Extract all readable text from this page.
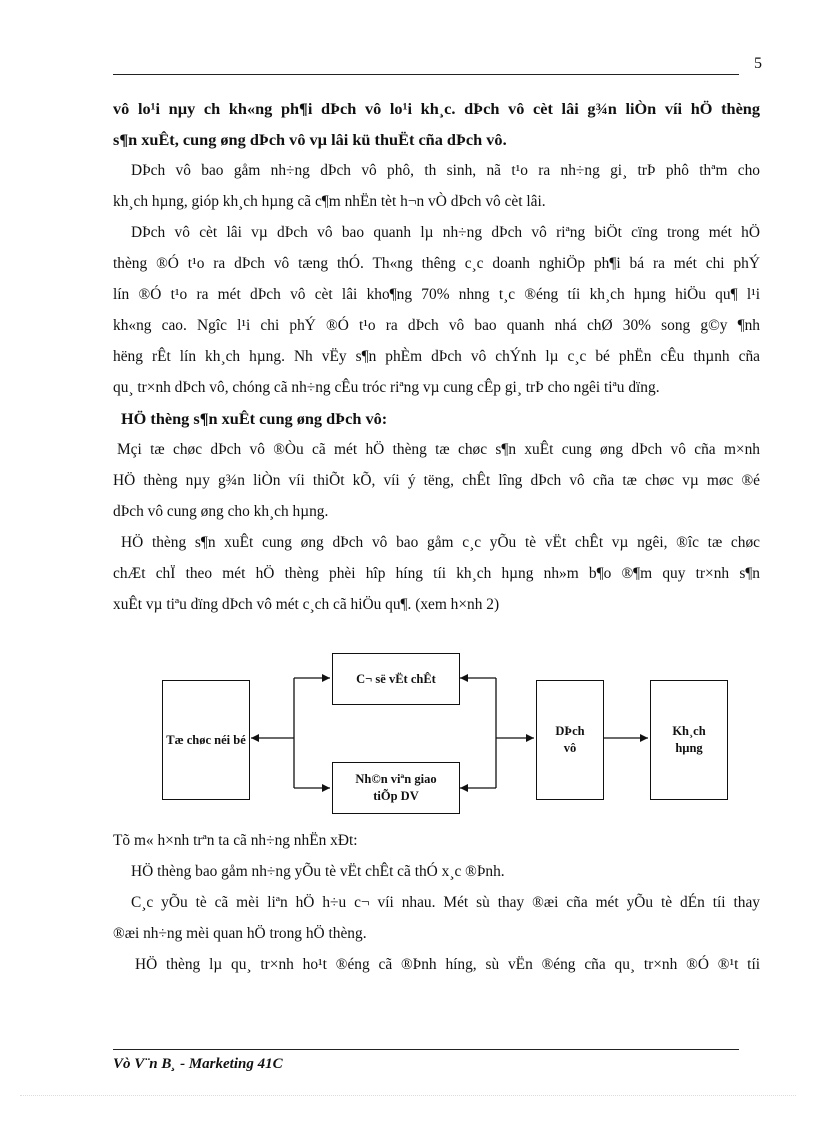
5
vô lo¹i nµy ch kh«ng ph¶i dÞch vô lo¹i kh¸c. dÞch vô cèt lâi g¾n liÒn víi hÖ thèng
s¶n xuÊt, cung øng dÞch vô vµ lâi kü thuËt cña dÞch vô.
DÞch vô bao gåm nh÷ng dÞch vô phô, th sinh, nã t¹o ra nh÷ng gi¸ trÞ phô thªm cho
kh¸ch hµng, gióp kh¸ch hµng cã c¶m nhËn tèt h¬n vÒ dÞch vô cèt lâi.
DÞch vô cèt lâi vµ dÞch vô bao quanh lµ nh÷ng dÞch vô riªng biÖt cïng trong mét hÖ
thèng ®Ó t¹o ra dÞch vô tæng thÓ. Th«ng thêng c¸c doanh nghiÖp ph¶i bá ra mét chi phÝ
lín ®Ó t¹o ra mét dÞch vô cèt lâi kho¶ng 70% nhng t¸c ®éng tíi kh¸ch hµng hiÖu qu¶ l¹i
kh«ng cao. Ngîc l¹i chi phÝ ®Ó t¹o ra dÞch vô bao quanh nhá chØ 30% song g©y ¶nh
hëng rÊt lín kh¸ch hµng. Nh vËy s¶n phÈm dÞch vô chÝnh lµ c¸c bé phËn cÊu thµnh cña
qu¸ tr×nh dÞch vô, chóng cã nh÷ng cÊu tróc riªng vµ cung cÊp gi¸ trÞ cho ngêi tiªu dïng.
HÖ thèng s¶n xuÊt cung øng dÞch vô:
Mçi tæ chøc dÞch vô ®Òu cã mét hÖ thèng tæ chøc s¶n xuÊt cung øng dÞch vô cña m×nh
HÖ thèng nµy g¾n liÒn víi thiÕt kÕ, víi ý tëng, chÊt lîng dÞch vô cña tæ chøc vµ møc ®é
dÞch vô cung øng cho kh¸ch hµng.
HÖ thèng s¶n xuÊt cung øng dÞch vô bao gåm c¸c yÕu tè vËt chÊt vµ ngêi, ®îc tæ chøc
chÆt chÏ theo mét hÖ thèng phèi hîp híng tíi kh¸ch hµng nh»m b¶o ®¶m quy tr×nh s¶n
xuÊt vµ tiªu dïng dÞch vô mét c¸ch cã hiÖu qu¶. (xem h×nh 2)
Tõ m« h×nh trªn ta cã nh÷ng nhËn xÐt:
HÖ thèng bao gåm nh÷ng yÕu tè vËt chÊt cã thÓ x¸c ®Þnh.
C¸c yÕu tè cã mèi liªn hÖ h÷u c¬ víi nhau. Mét sù thay ®æi cña mét yÕu tè dÉn tíi thay
®æi nh÷ng mèi quan hÖ trong hÖ thèng.
HÖ thèng lµ qu¸ tr×nh ho¹t ®éng cã ®Þnh híng, sù vËn ®éng cña qu¸ tr×nh ®Ó ®¹t tíi
Tæ chøc néi bé
C¬ së vËt chÊt
Nh©n viªn giao tiÕp DV
DÞch vô
Kh¸ch hµng
Vò V¨n B¸ - Marketing 41C
